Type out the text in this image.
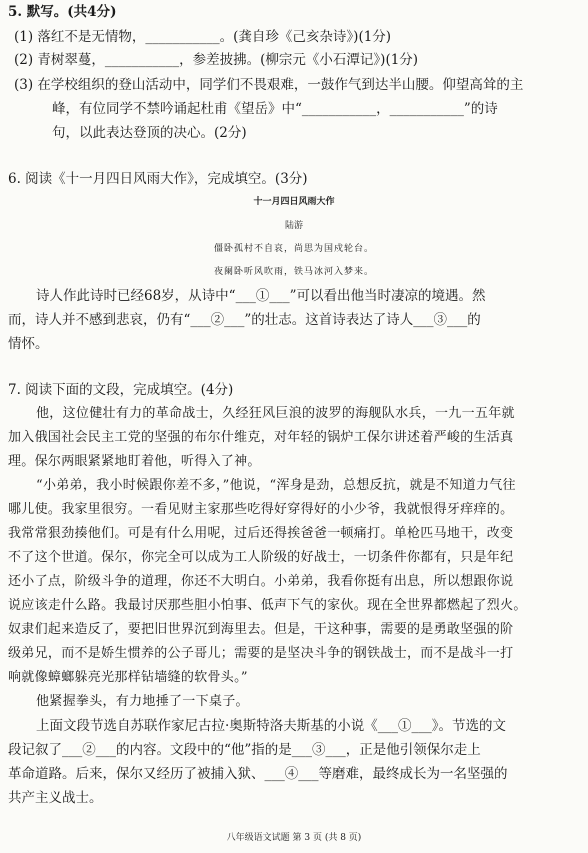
5. 默写。(共4分)
(1) 落红不是无情物，___________。(龚自珍《己亥杂诗》)(1分)
(2) 青树翠蔓，___________，参差披拂。(柳宗元《小石潭记》)(1分)
(3) 在学校组织的登山活动中，同学们不畏艰难，一鼓作气到达半山腰。仰望高耸的主
峰，有位同学不禁吟诵起杜甫《望岳》中“___________，___________”的诗
句，以此表达登顶的决心。(2分)
6. 阅读《十一月四日风雨大作》，完成填空。(3分)
十一月四日风雨大作
陆游
僵卧孤村不自哀，尚思为国戍轮台。
夜阑卧听风吹雨，铁马冰河入梦来。
诗人作此诗时已经68岁，从诗中“___①___”可以看出他当时凄凉的境遇。然
而，诗人并不感到悲哀，仍有“___②___”的壮志。这首诗表达了诗人___③___的
情怀。
7. 阅读下面的文段，完成填空。(4分)
他，这位健壮有力的革命战士，久经狂风巨浪的波罗的海舰队水兵，一九一五年就
加入俄国社会民主工党的坚强的布尔什维克，对年轻的锅炉工保尔讲述着严峻的生活真
理。保尔两眼紧紧地盯着他，听得入了神。
“小弟弟，我小时候跟你差不多，”他说，“浑身是劲，总想反抗，就是不知道力气往
哪儿使。我家里很穷。一看见财主家那些吃得好穿得好的小少爷，我就恨得牙痒痒的。
我常常狠劲揍他们。可是有什么用呢，过后还得挨爸爸一顿痛打。单枪匹马地干，改变
不了这个世道。保尔，你完全可以成为工人阶级的好战士，一切条件你都有，只是年纪
还小了点，阶级斗争的道理，你还不大明白。小弟弟，我看你挺有出息，所以想跟你说
说应该走什么路。我最讨厌那些胆小怕事、低声下气的家伙。现在全世界都燃起了烈火。
奴隶们起来造反了，要把旧世界沉到海里去。但是，干这种事，需要的是勇敢坚强的阶
级弟兄，而不是娇生惯养的公子哥儿；需要的是坚决斗争的钢铁战士，而不是战斗一打
响就像蟑螂躲亮光那样钻墙缝的软骨头。”
他紧握拳头，有力地捶了一下桌子。
上面文段节选自苏联作家尼古拉·奥斯特洛夫斯基的小说《___①___》。节选的文
段记叙了___②___的内容。文段中的“他”指的是___③___，正是他引领保尔走上
革命道路。后来，保尔又经历了被捕入狱、___④___等磨难，最终成长为一名坚强的
共产主义战士。
八年级语文试题 第 3 页 (共 8 页)
